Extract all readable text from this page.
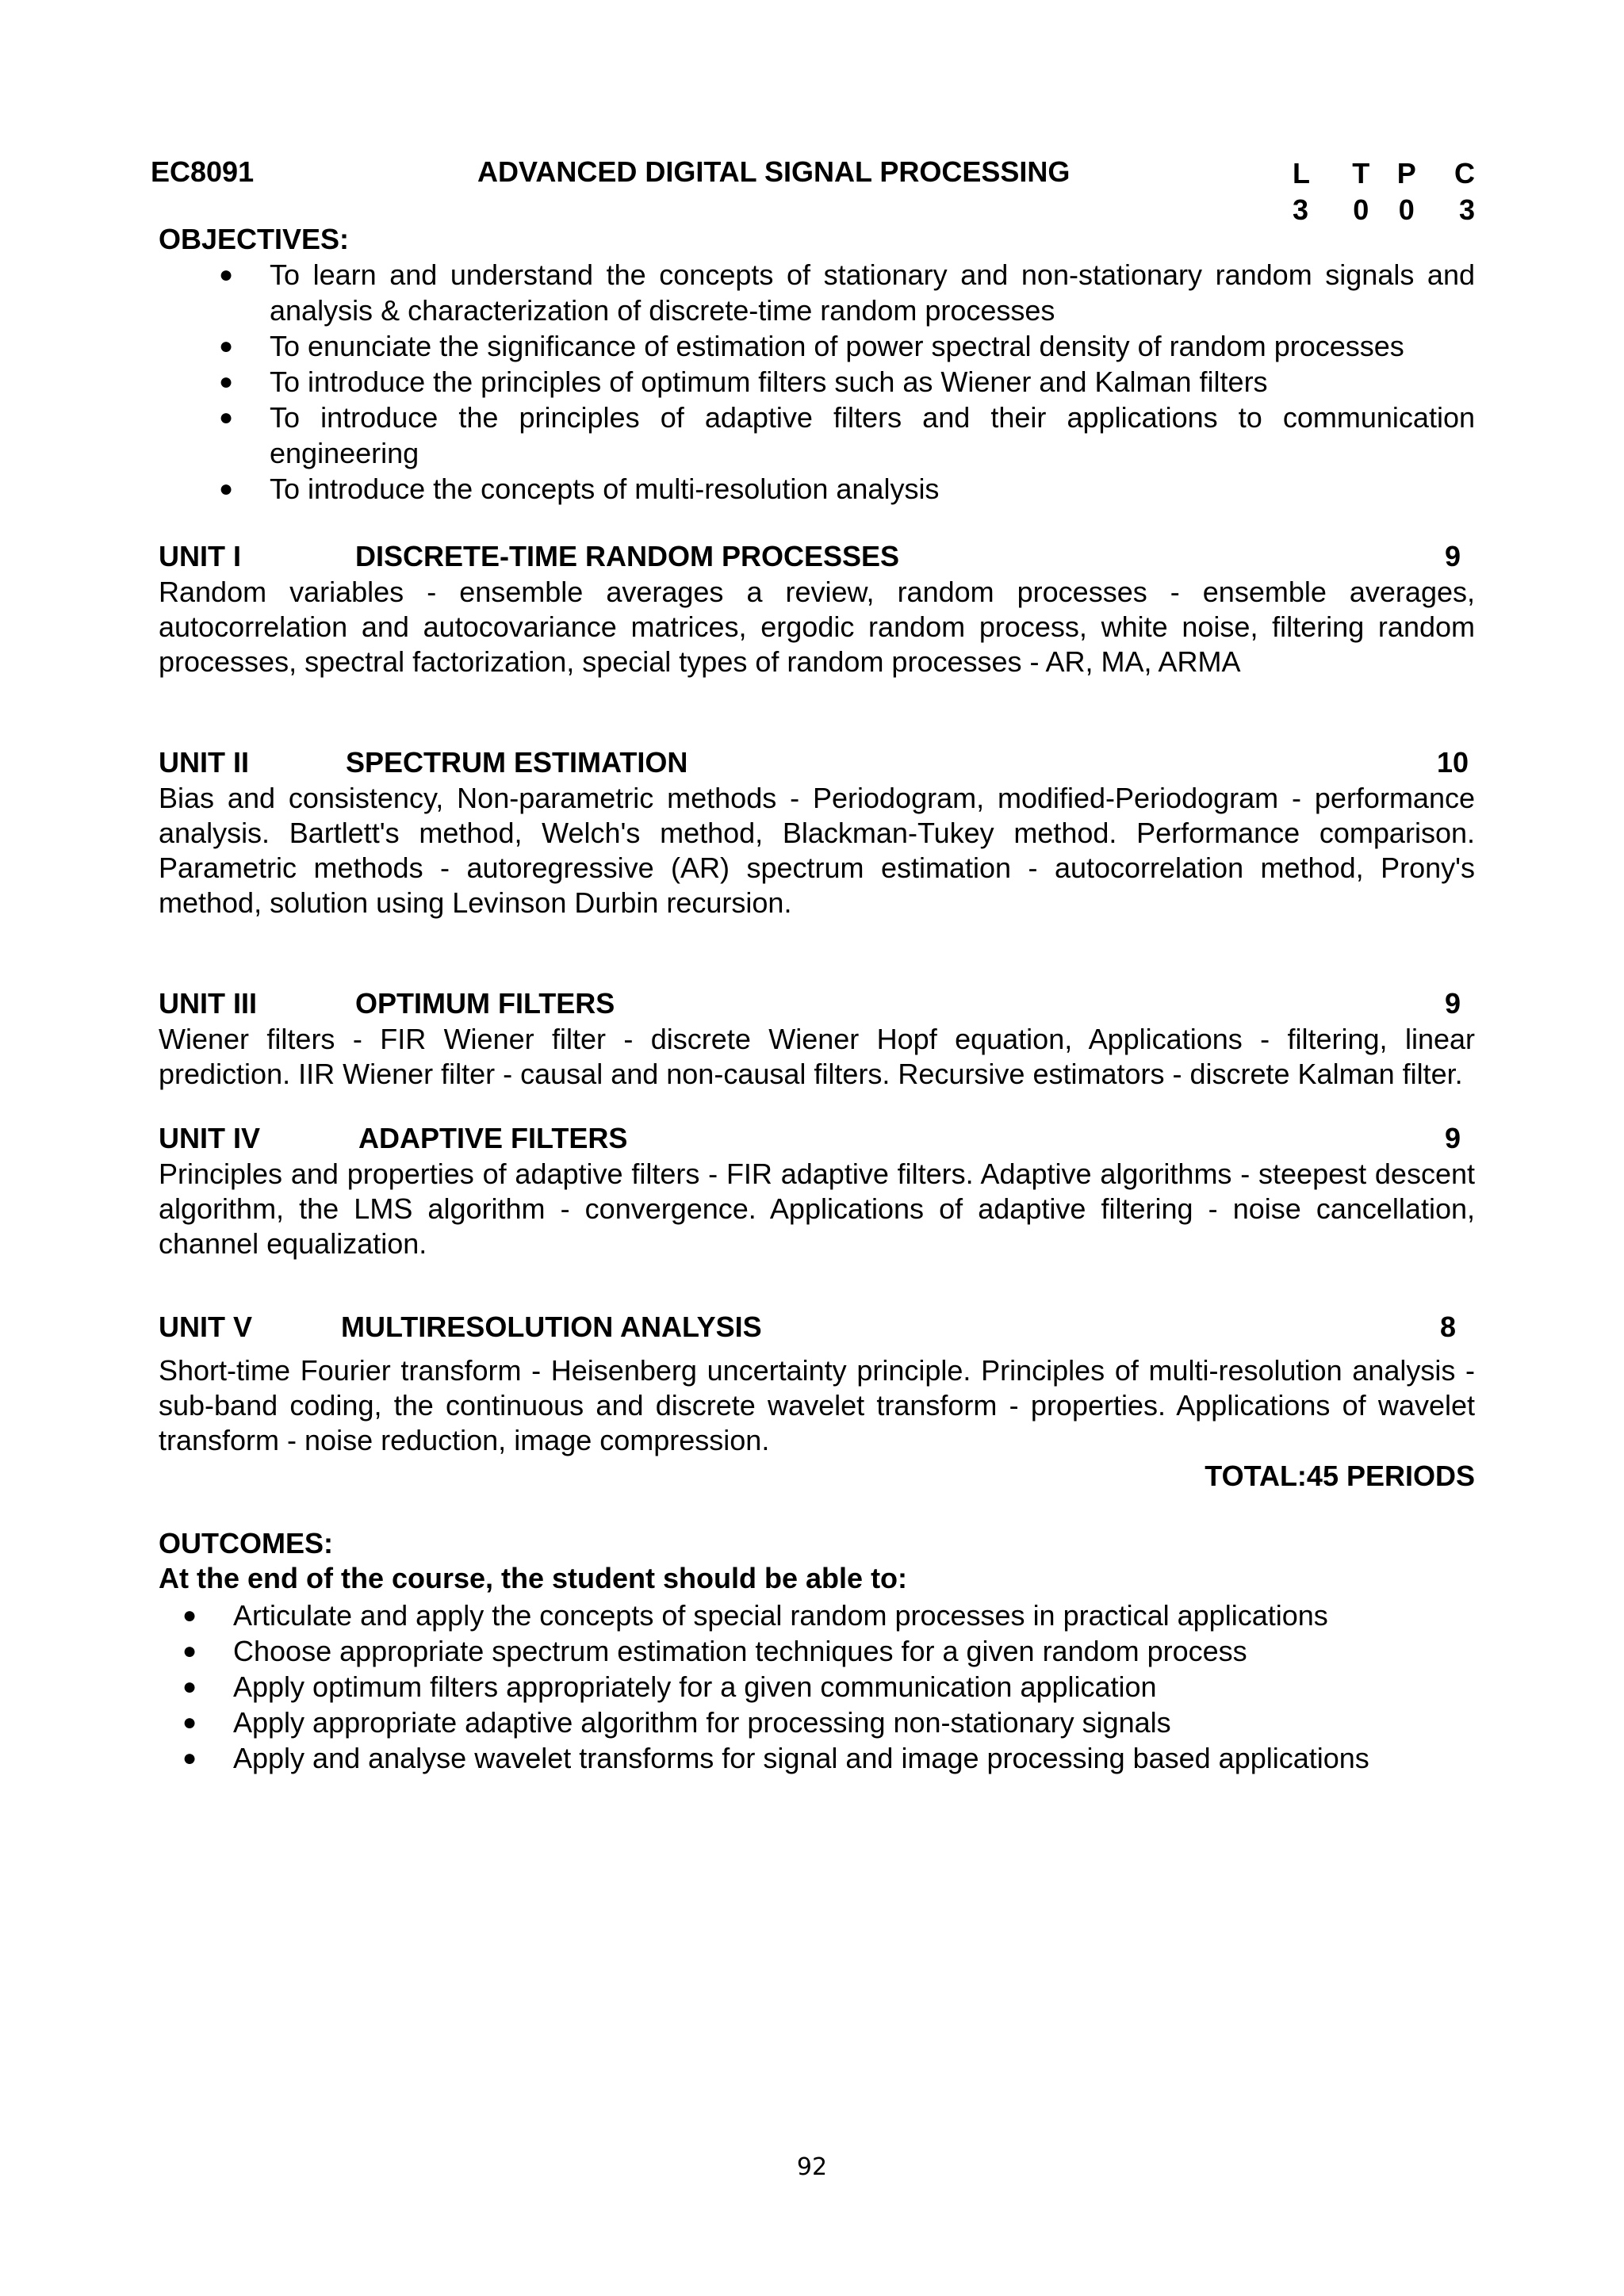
EC8091	ADVANCED DIGITAL SIGNAL PROCESSING	L	T P	C
3	0	0	3
OBJECTIVES:
● To learn and understand the concepts of stationary and non-stationary random signals and analysis & characterization of discrete-time random processes
● To enunciate the significance of estimation of power spectral density of random processes
● To introduce the principles of optimum filters such as Wiener and Kalman filters
● To introduce the principles of adaptive filters and their applications to communication engineering
● To introduce the concepts of multi-resolution analysis
UNIT I	DISCRETE-TIME RANDOM PROCESSES	9
Random variables - ensemble averages a review, random processes - ensemble averages, autocorrelation and autocovariance matrices, ergodic random process, white noise, filtering random processes, spectral factorization, special types of random processes - AR, MA, ARMA
UNIT II	SPECTRUM ESTIMATION	10
Bias and consistency, Non-parametric methods - Periodogram, modified-Periodogram - performance analysis. Bartlett's method, Welch's method, Blackman-Tukey method. Performance comparison. Parametric methods - autoregressive (AR) spectrum estimation - autocorrelation method, Prony's method, solution using Levinson Durbin recursion.
UNIT III	OPTIMUM FILTERS	9
Wiener filters - FIR Wiener filter - discrete Wiener Hopf equation, Applications - filtering, linear prediction. IIR Wiener filter - causal and non-causal filters. Recursive estimators - discrete Kalman filter.
UNIT IV	ADAPTIVE FILTERS	9
Principles and properties of adaptive filters - FIR adaptive filters. Adaptive algorithms - steepest descent algorithm, the LMS algorithm - convergence. Applications of adaptive filtering - noise cancellation, channel equalization.
UNIT V	MULTIRESOLUTION ANALYSIS	8
Short-time Fourier transform - Heisenberg uncertainty principle. Principles of multi-resolution analysis - sub-band coding, the continuous and discrete wavelet transform - properties. Applications of wavelet transform - noise reduction, image compression.
TOTAL:45 PERIODS
OUTCOMES:
At the end of the course, the student should be able to:
● Articulate and apply the concepts of special random processes in practical applications
● Choose appropriate spectrum estimation techniques for a given random process
● Apply optimum filters appropriately for a given communication application
● Apply appropriate adaptive algorithm for processing non-stationary signals
● Apply and analyse wavelet transforms for signal and image processing based applications
92
